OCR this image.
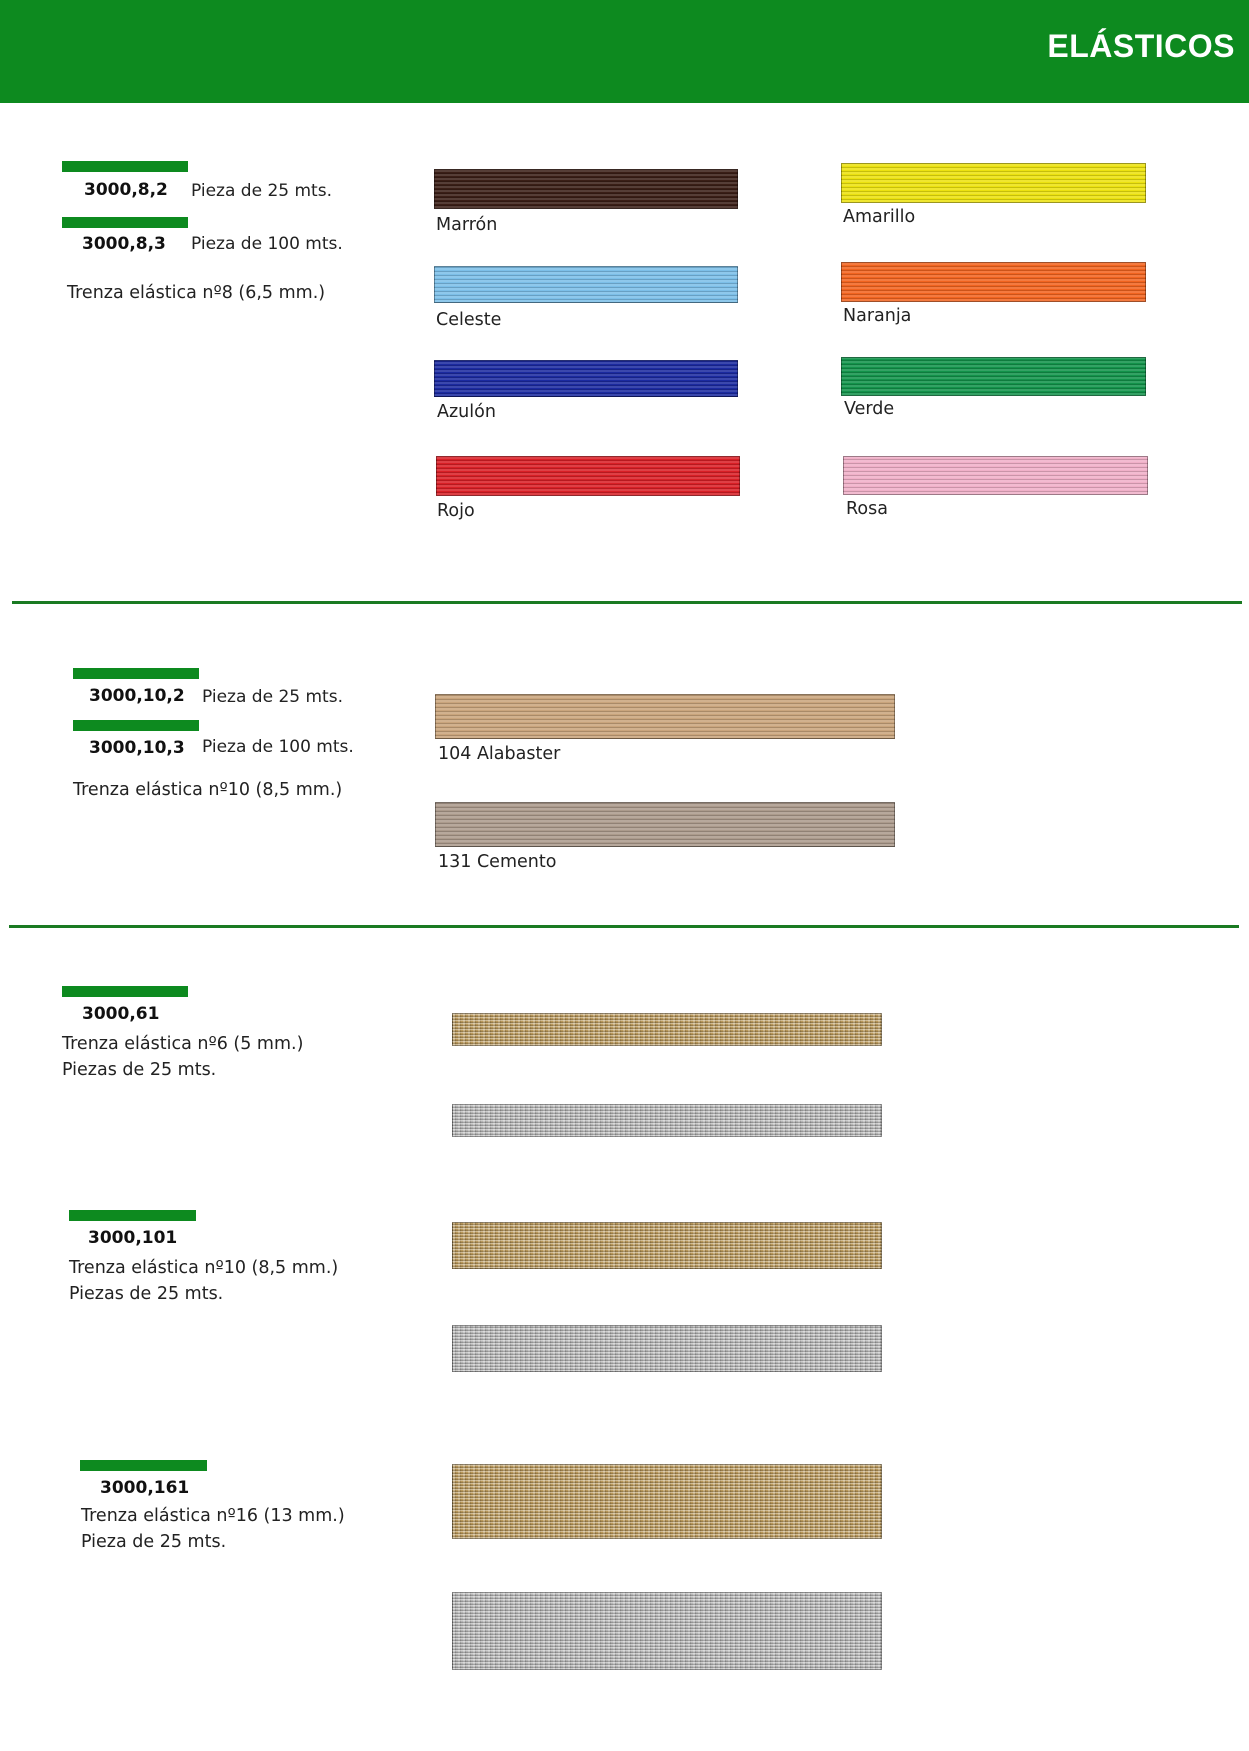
ELÁSTICOS
3000,8,2 Pieza de 25 mts.
3000,8,3 Pieza de 100 mts.
Trenza elástica nº8 (6,5 mm.)
Marrón
Celeste
Azulón
Rojo
Amarillo
Naranja
Verde
Rosa
3000,10,2 Pieza de 25 mts.
3000,10,3 Pieza de 100 mts.
Trenza elástica nº10 (8,5 mm.)
104 Alabaster
131 Cemento
3000,61
Trenza elástica nº6 (5 mm.)
Piezas de 25 mts.
3000,101
Trenza elástica nº10 (8,5 mm.)
Piezas de 25 mts.
3000,161
Trenza elástica nº16 (13 mm.)
Pieza de 25 mts.
